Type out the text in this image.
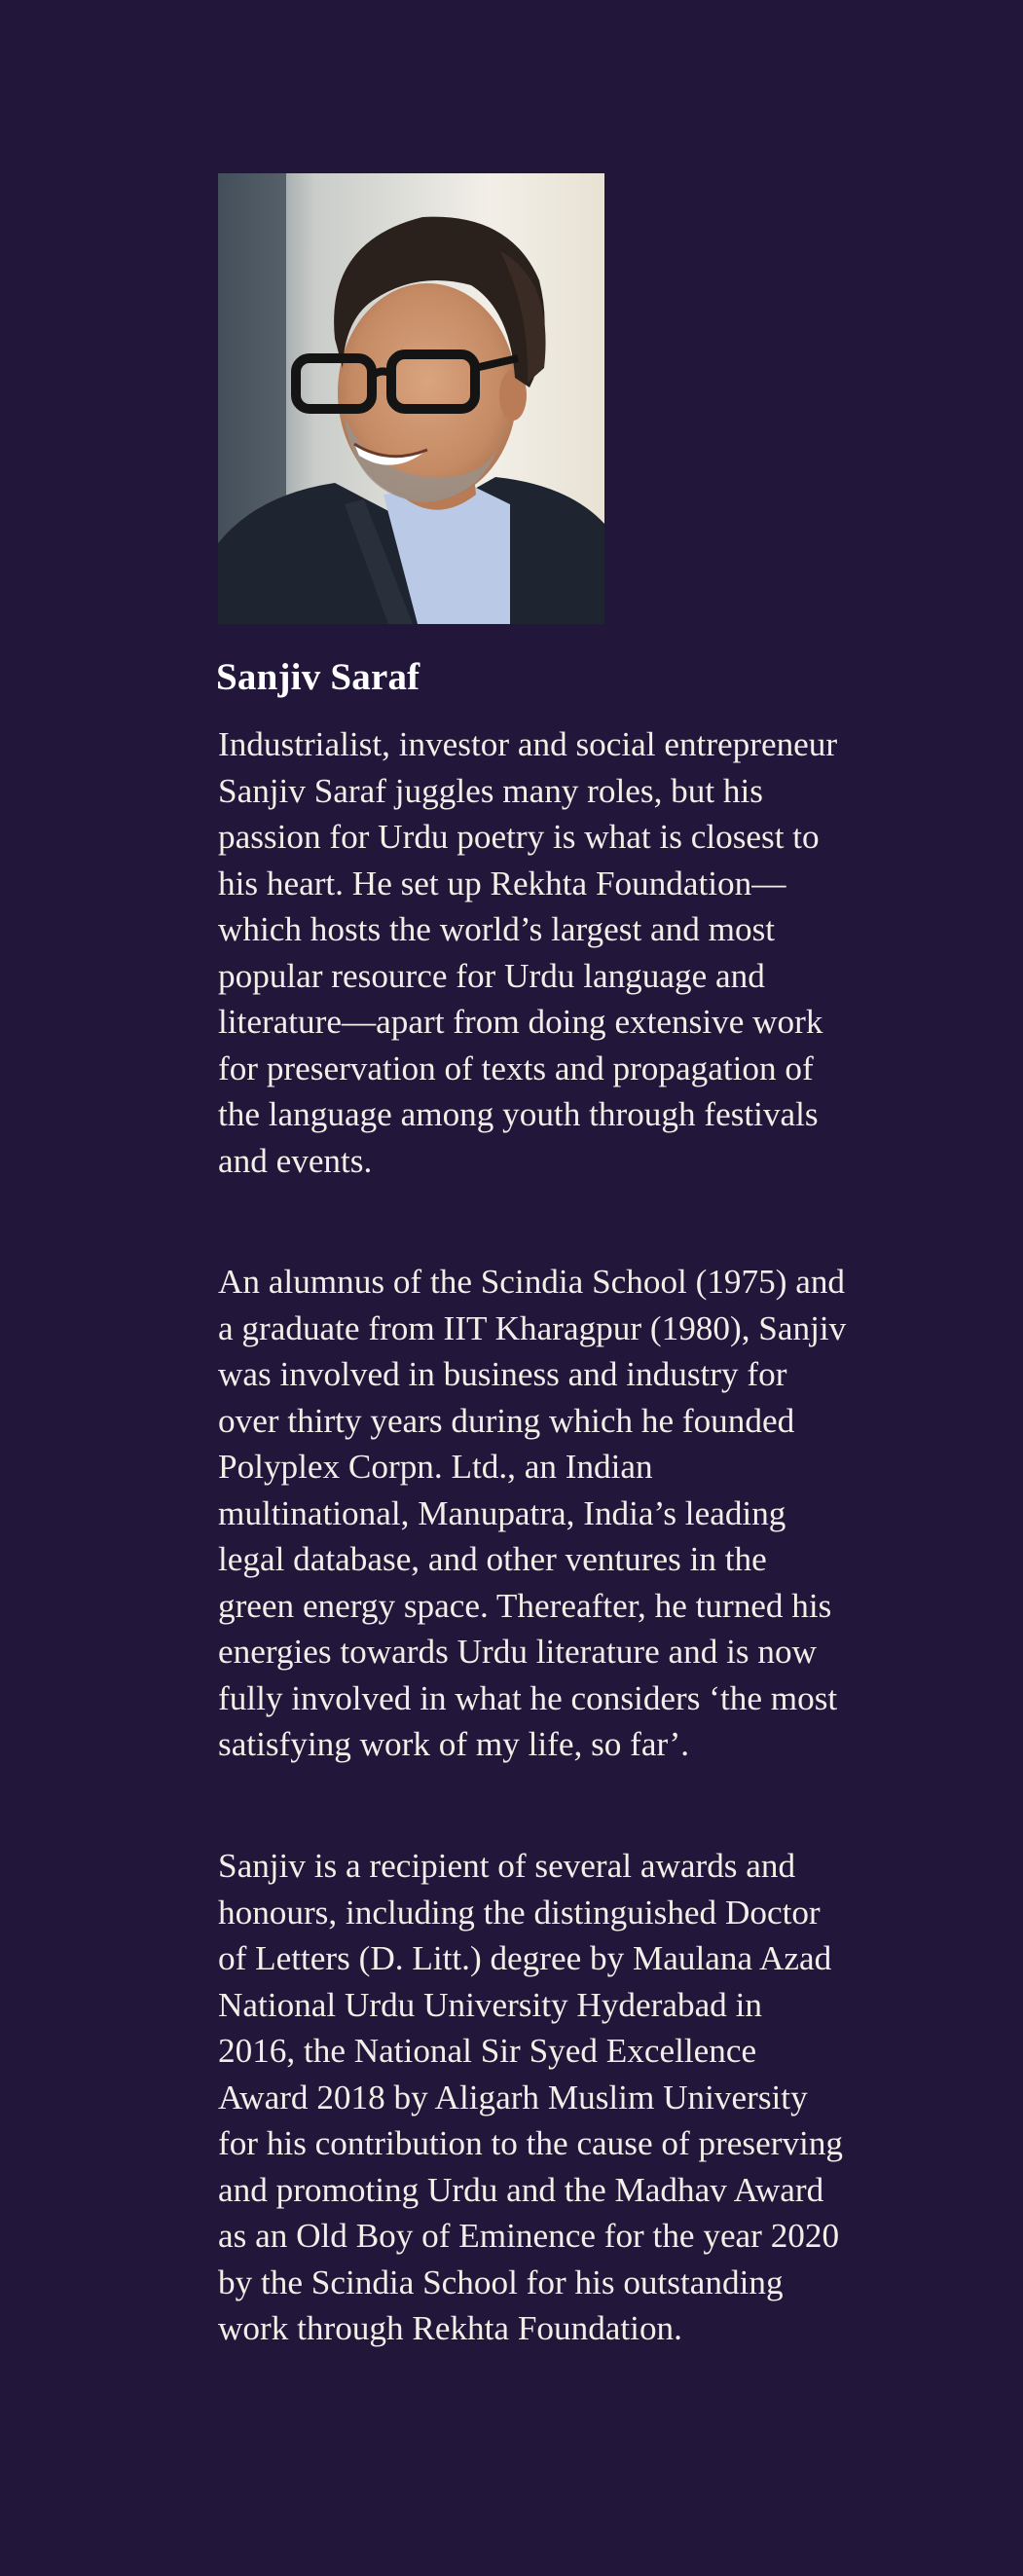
Sanjiv Saraf

Industrialist, investor and social entrepreneur Sanjiv Saraf juggles many roles, but his passion for Urdu poetry is what is closest to his heart. He set up Rekhta Foundation—which hosts the world’s largest and most popular resource for Urdu language and literature—apart from doing extensive work for preservation of texts and propagation of the language among youth through festivals and events.

An alumnus of the Scindia School (1975) and a graduate from IIT Kharagpur (1980), Sanjiv was involved in business and industry for over thirty years during which he founded Polyplex Corpn. Ltd., an Indian multinational, Manupatra, India’s leading legal database, and other ventures in the green energy space. Thereafter, he turned his energies towards Urdu literature and is now fully involved in what he considers ‘the most satisfying work of my life, so far’.

Sanjiv is a recipient of several awards and honours, including the distinguished Doctor of Letters (D. Litt.) degree by Maulana Azad National Urdu University Hyderabad in 2016, the National Sir Syed Excellence Award 2018 by Aligarh Muslim University for his contribution to the cause of preserving and promoting Urdu and the Madhav Award as an Old Boy of Eminence for the year 2020 by the Scindia School for his outstanding work through Rekhta Foundation.
